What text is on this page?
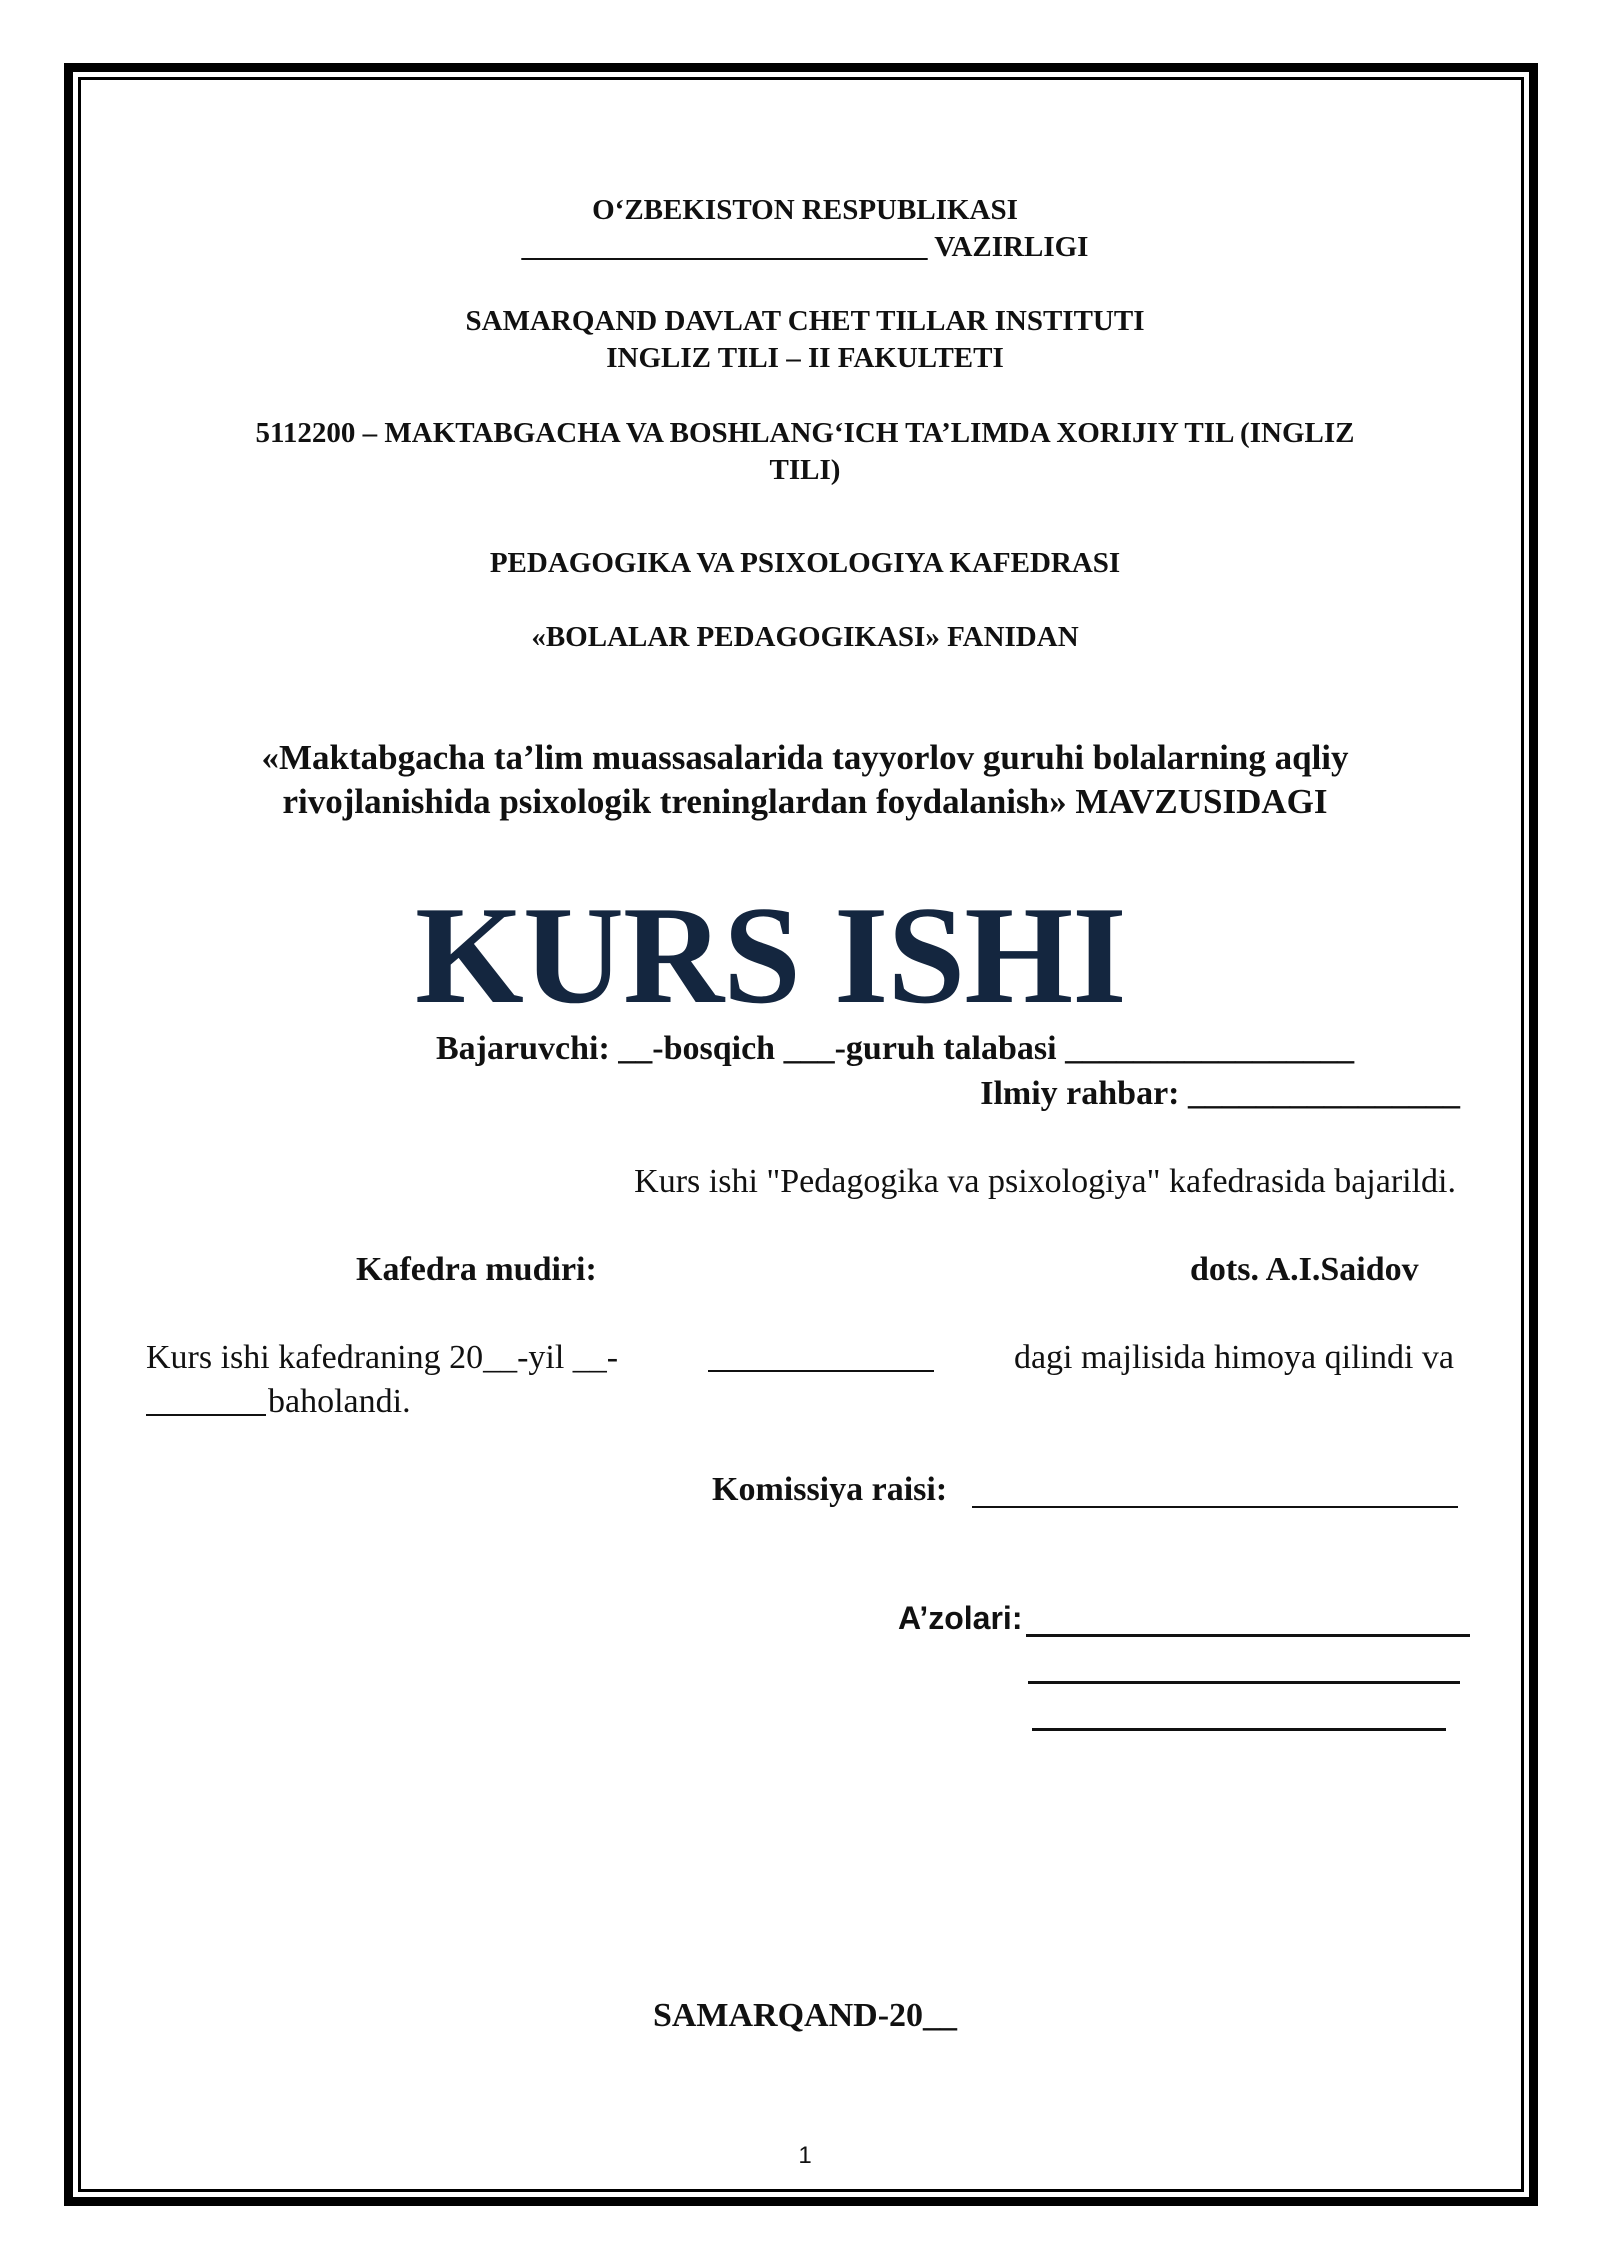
O‘ZBEKISTON RESPUBLIKASI
____________________________ VAZIRLIGI
SAMARQAND DAVLAT CHET TILLAR INSTITUTI
INGLIZ TILI – II FAKULTETI
5112200 – MAKTABGACHA VA BOSHLANG‘ICH TA’LIMDA XORIJIY TIL (INGLIZ
TILI)
PEDAGOGIKA VA PSIXOLOGIYA KAFEDRASI
«BOLALAR PEDAGOGIKASI» FANIDAN
«Maktabgacha ta’lim muassasalarida tayyorlov guruhi bolalarning aqliy
rivojlanishida psixologik treninglardan foydalanish» MAVZUSIDAGI
KURS ISHI
Bajaruvchi: __-bosqich ___-guruh talabasi _________________
Ilmiy rahbar: ________________
Kurs ishi "Pedagogika va psixologiya" kafedrasida bajarildi.
Kafedra mudiri:	dots. A.I.Saidov
Kurs ishi kafedraning 20__-yil __-	dagi majlisida himoya qilindi va
baholandi.
Komissiya raisi:
A’zolari:
SAMARQAND-20__
1
